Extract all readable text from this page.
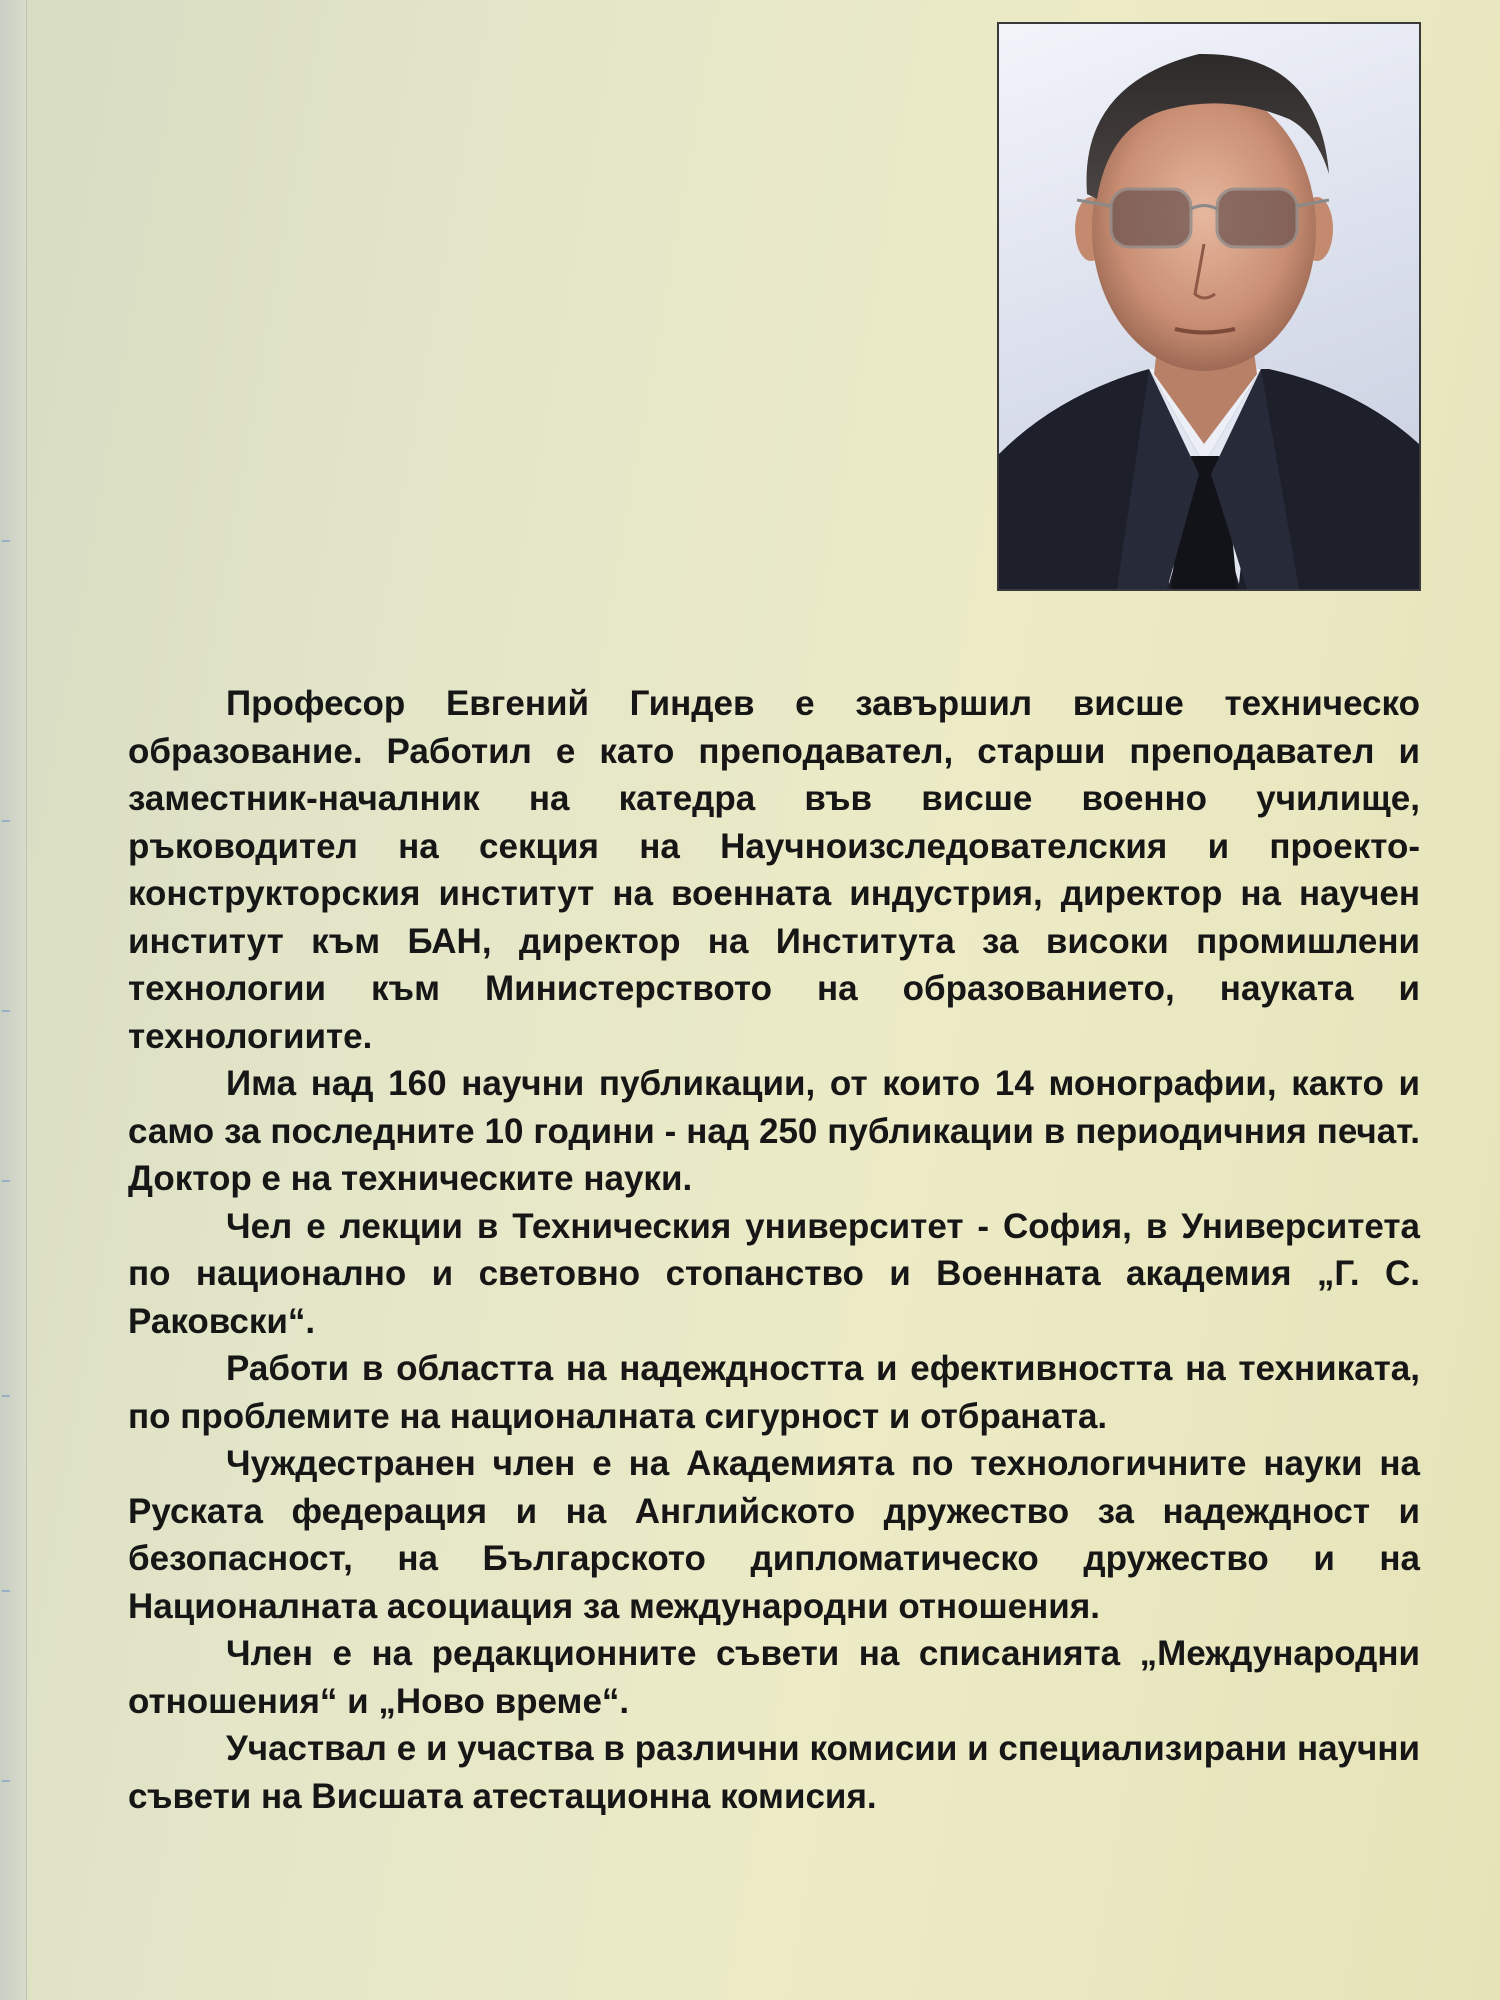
Професор Евгений Гиндев е завършил висше техническо образование. Работил е като преподавател, старши преподавател и заместник-началник на катедра във висше военно училище, ръководител на секция на Научноизследователския и проекто-конструкторския институт на военната индустрия, директор на научен институт към БАН, директор на Института за високи промишлени технологии към Министерството на образованието, науката и технологиите.

Има над 160 научни публикации, от които 14 монографии, както и само за последните 10 години - над 250 публикации в периодичния печат. Доктор е на техническите науки.

Чел е лекции в Техническия университет - София, в Университета по национално и световно стопанство и Военната академия „Г. С. Раковски“.

Работи в областта на надеждността и ефективността на техниката, по проблемите на националната сигурност и отбраната.

Чуждестранен член е на Академията по технологичните науки на Руската федерация и на Английското дружество за надеждност и безопасност, на Българското дипломатическо дружество и на Националната асоциация за международни отношения.

Член е на редакционните съвети на списанията „Международни отношения“ и „Ново време“.

Участвал е и участва в различни комисии и специализирани научни съвети на Висшата атестационна комисия.
